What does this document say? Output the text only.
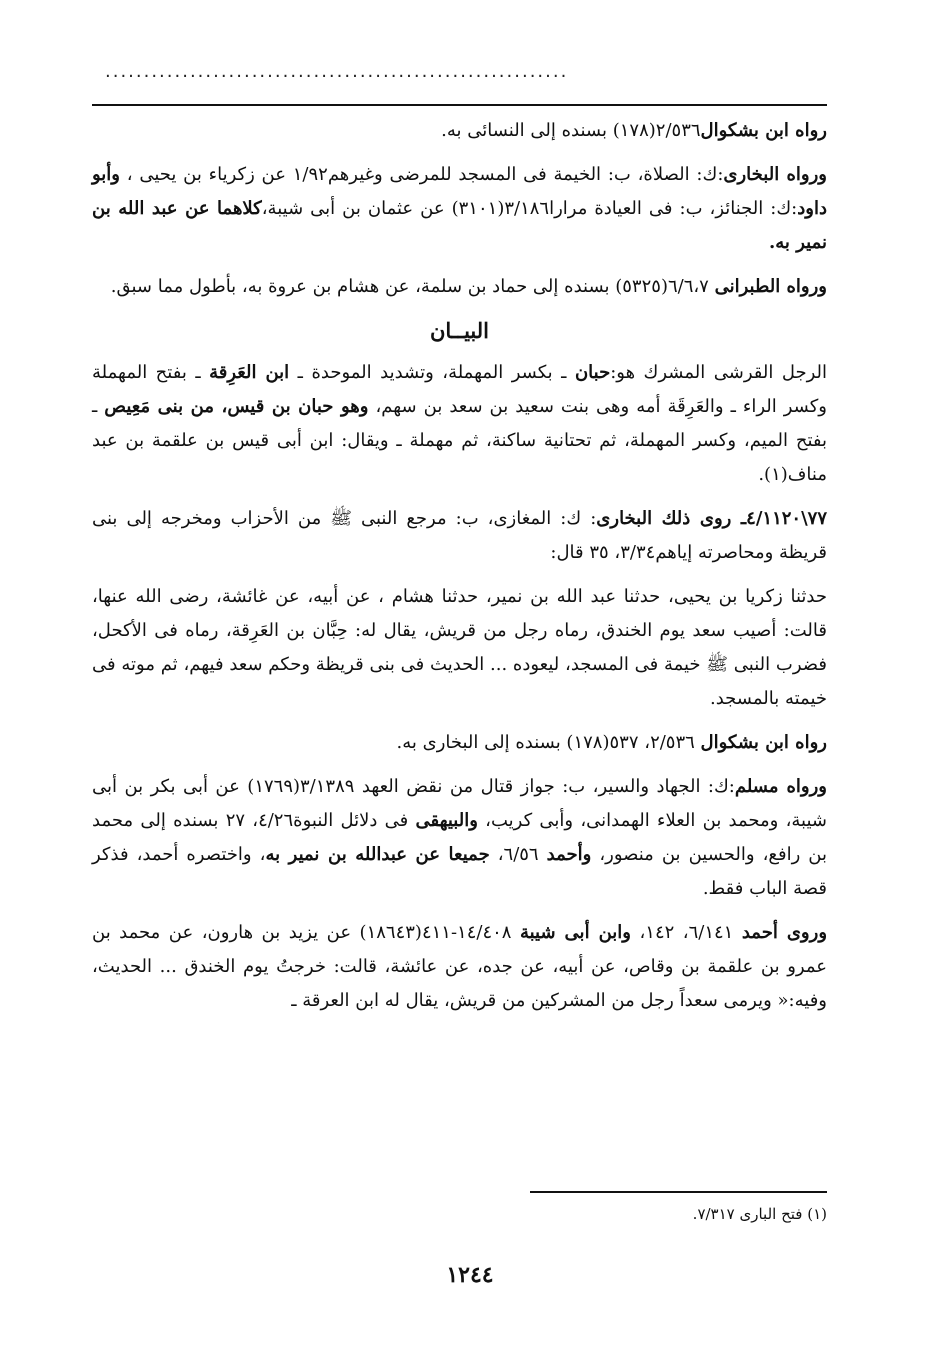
............................................................

رواه ابن بشكوال٢/٥٣٦(١٧٨) بسنده إلى النسائى به.

ورواه البخارى:ك: الصلاة، ب: الخيمة فى المسجد للمرضى وغيرهم١/٩٢ عن زكرياء بن يحيى ، وأبو داود:ك: الجنائز، ب: فى العيادة مرارا٣/١٨٦(٣١٠١) عن عثمان بن أبى شيبة،كلاهما عن عبد الله بن نمير به.

ورواه الطبرانى ٦/٦،٧(٥٣٢٥) بسنده إلى حماد بن سلمة، عن هشام بن عروة به، بأطول مما سبق.

البيــان

الرجل القرشى المشرك هو:حبان ـ بكسر المهملة، وتشديد الموحدة ـ ابن العَرِقة ـ بفتح المهملة وكسر الراء ـ والعَرِقَة أمه وهى بنت سعيد بن سعد بن سهم، وهو حبان بن قيس، من بنى مَعِيص ـ بفتح الميم، وكسر المهملة، ثم تحتانية ساكنة، ثم مهملة ـ ويقال: ابن أبى قيس بن علقمة بن عبد مناف(١).

٧٧\٤/١١٢٠ـ روى ذلك البخارى: ك: المغازى، ب: مرجع النبى ﷺ من الأحزاب ومخرجه إلى بنى قريظة ومحاصرته إياهم٣/٣٤، ٣٥ قال:

حدثنا زكريا بن يحيى، حدثنا عبد الله بن نمير، حدثنا هشام ، عن أبيه، عن غائشة، رضى الله عنها، قالت: أصيب سعد يوم الخندق، رماه رجل من قريش، يقال له: حِبَّان بن العَرِقة، رماه فى الأكحل، فضرب النبى ﷺ خيمة فى المسجد، ليعوده ... الحديث فى بنى قريظة وحكم سعد فيهم، ثم موته فى خيمته بالمسجد.

رواه ابن بشكوال ٢/٥٣٦، ٥٣٧(١٧٨) بسنده إلى البخارى به.

ورواه مسلم:ك: الجهاد والسير، ب: جواز قتال من نقض العهد ٣/١٣٨٩(١٧٦٩) عن أبى بكر بن أبى شيبة، ومحمد بن العلاء الهمدانى، وأبى كريب، والبيهقى فى دلائل النبوة٤/٢٦، ٢٧ بسنده إلى محمد بن رافع، والحسين بن منصور، وأحمد ٦/٥٦، جميعا عن عبدالله بن نمير به، واختصره أحمد، فذكر قصة الباب فقط.

وروى أحمد ٦/١٤١، ١٤٢، وابن أبى شيبة ١٤/٤٠٨-٤١١(١٨٦٤٣) عن يزيد بن هارون، عن محمد بن عمرو بن علقمة بن وقاص، عن أبيه، عن جده، عن عائشة، قالت: خرجتُ يوم الخندق ... الحديث، وفيه:« ويرمى سعداً رجل من المشركين من قريش، يقال له ابن العرقة ـ

(١) فتح البارى ٧/٣١٧.
١٢٤٤
